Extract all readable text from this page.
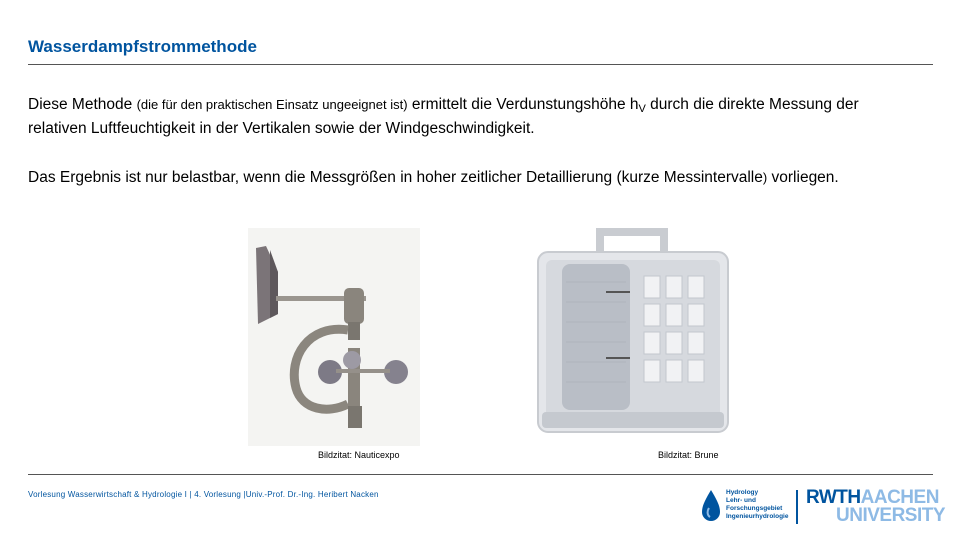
Wasserdampfstrommethode
Diese Methode (die für den praktischen Einsatz ungeeignet ist) ermittelt die Verdunstungshöhe $h_V$ durch die direkte Messung der relativen Luftfeuchtigkeit in der Vertikalen sowie der Windgeschwindigkeit.
Das Ergebnis ist nur belastbar, wenn die Messgrößen in hoher zeitlicher Detaillierung (kurze Messintervalle) vorliegen.
Bildzitat: Nauticexpo	Bildzitat: Brune
Vorlesung Wasserwirtschaft & Hydrologie I | 4. Vorlesung |Univ.-Prof. Dr.-Ing. Heribert Nacken	Hydrology
Lehr- und
Forschungsgebiet
Ingenieurhydrologie
RWTHAACHEN
UNIVERSITY
